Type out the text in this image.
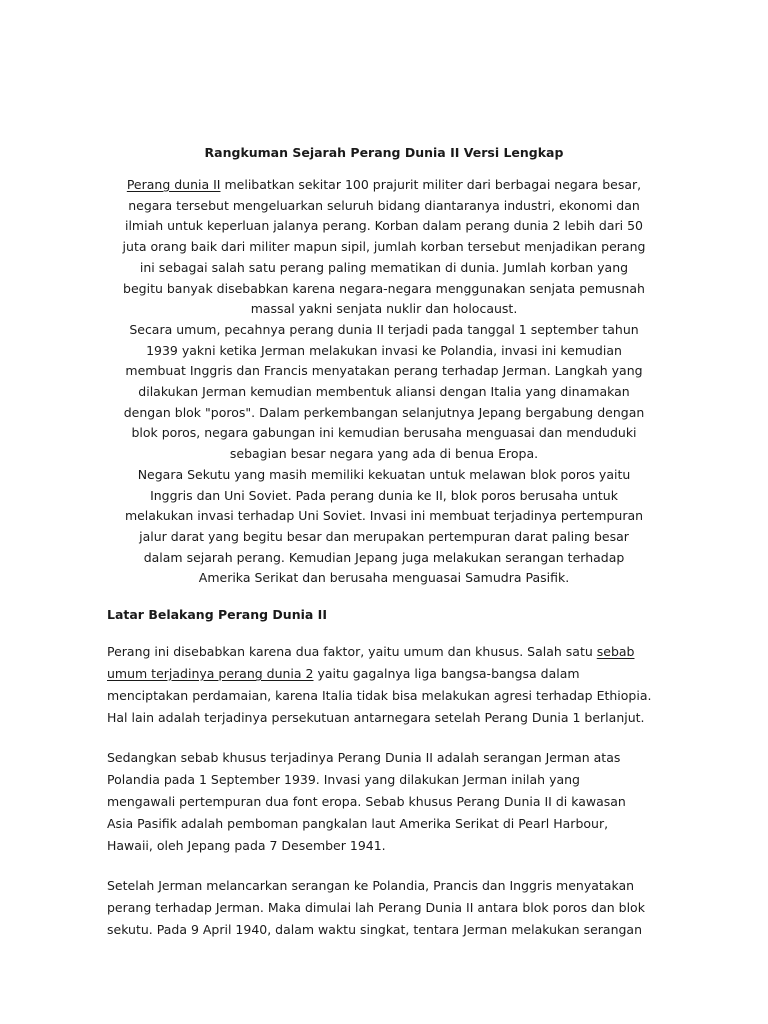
Rangkuman Sejarah Perang Dunia II Versi Lengkap

Perang dunia II melibatkan sekitar 100 prajurit militer dari berbagai negara besar, negara tersebut mengeluarkan seluruh bidang diantaranya industri, ekonomi dan ilmiah untuk keperluan jalanya perang. Korban dalam perang dunia 2 lebih dari 50 juta orang baik dari militer mapun sipil, jumlah korban tersebut menjadikan perang ini sebagai salah satu perang paling mematikan di dunia. Jumlah korban yang begitu banyak disebabkan karena negara-negara menggunakan senjata pemusnah massal yakni senjata nuklir dan holocaust.

Secara umum, pecahnya perang dunia II terjadi pada tanggal 1 september tahun 1939 yakni ketika Jerman melakukan invasi ke Polandia, invasi ini kemudian membuat Inggris dan Francis menyatakan perang terhadap Jerman. Langkah yang dilakukan Jerman kemudian membentuk aliansi dengan Italia yang dinamakan dengan blok "poros". Dalam perkembangan selanjutnya Jepang bergabung dengan blok poros, negara gabungan ini kemudian berusaha menguasai dan menduduki sebagian besar negara yang ada di benua Eropa.

Negara Sekutu yang masih memiliki kekuatan untuk melawan blok poros yaitu Inggris dan Uni Soviet. Pada perang dunia ke II, blok poros berusaha untuk melakukan invasi terhadap Uni Soviet. Invasi ini membuat terjadinya pertempuran jalur darat yang begitu besar dan merupakan pertempuran darat paling besar dalam sejarah perang. Kemudian Jepang juga melakukan serangan terhadap Amerika Serikat dan berusaha menguasai Samudra Pasifik.

Latar Belakang Perang Dunia II

Perang ini disebabkan karena dua faktor, yaitu umum dan khusus. Salah satu sebab umum terjadinya perang dunia 2 yaitu gagalnya liga bangsa-bangsa dalam menciptakan perdamaian, karena Italia tidak bisa melakukan agresi terhadap Ethiopia. Hal lain adalah terjadinya persekutuan antarnegara setelah Perang Dunia 1 berlanjut.

Sedangkan sebab khusus terjadinya Perang Dunia II adalah serangan Jerman atas Polandia pada 1 September 1939. Invasi yang dilakukan Jerman inilah yang mengawali pertempuran dua font eropa. Sebab khusus Perang Dunia II di kawasan Asia Pasifik adalah pemboman pangkalan laut Amerika Serikat di Pearl Harbour, Hawaii, oleh Jepang pada 7 Desember 1941.

Setelah Jerman melancarkan serangan ke Polandia, Prancis dan Inggris menyatakan perang terhadap Jerman. Maka dimulai lah Perang Dunia II antara blok poros dan blok sekutu. Pada 9 April 1940, dalam waktu singkat, tentara Jerman melakukan serangan
